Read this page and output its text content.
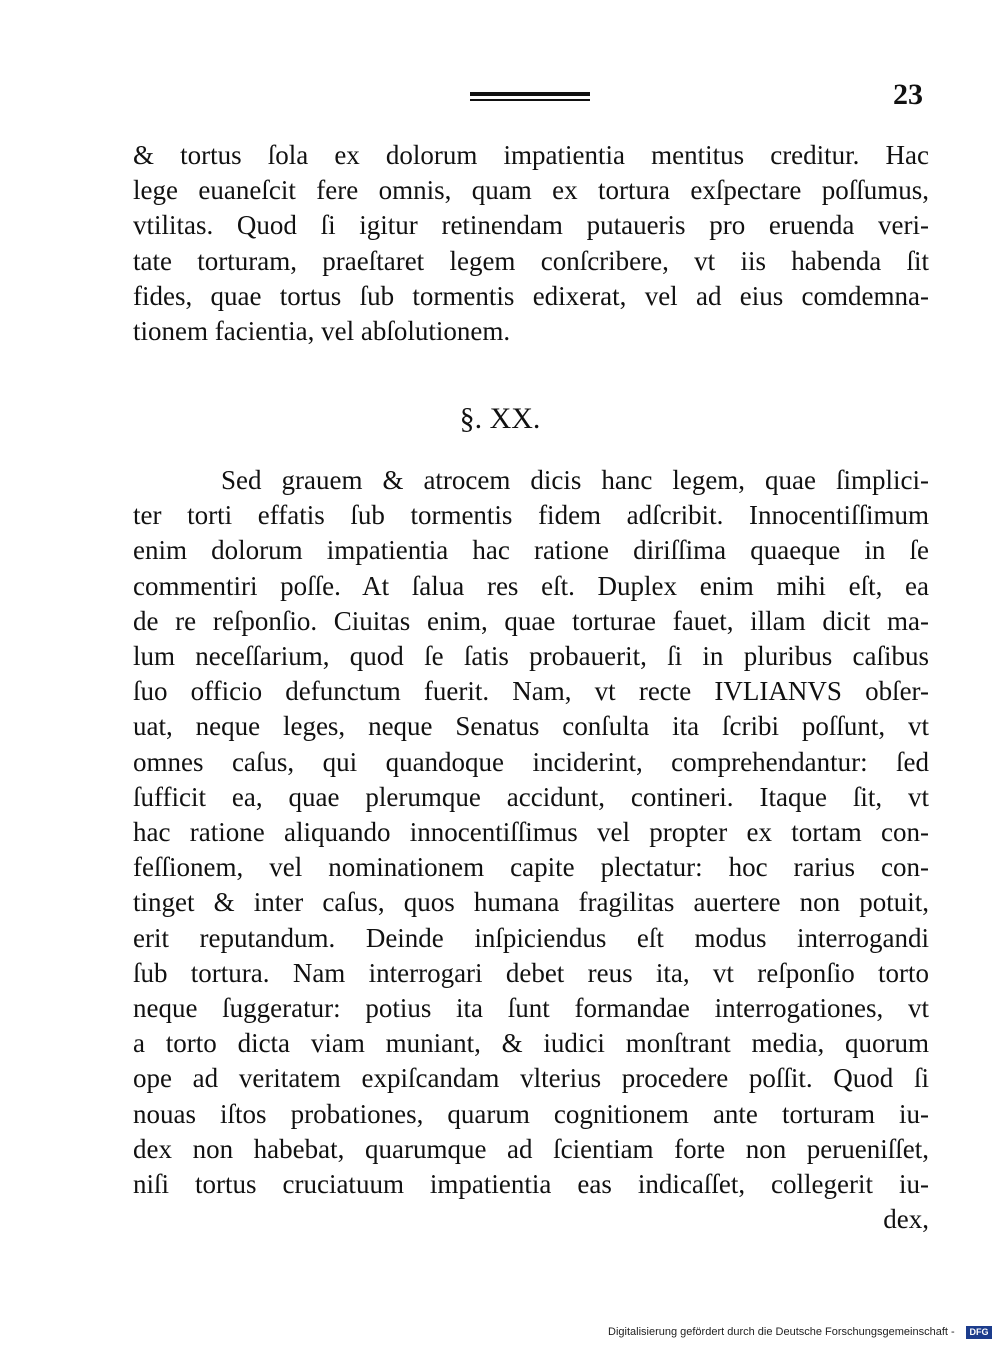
23

& tortus ſola ex dolorum impatientia mentitus creditur. Hac
lege euaneſcit fere omnis, quam ex tortura exſpectare poſſumus,
vtilitas. Quod ſi igitur retinendam putaueris pro eruenda veri-
tate torturam, praeſtaret legem conſcribere, vt iis habenda ſit
fides, quae tortus ſub tormentis edixerat, vel ad eius comdemna-
tionem facientia, vel abſolutionem.

§. XX.

Sed grauem & atrocem dicis hanc legem, quae ſimplici-
ter torti effatis ſub tormentis fidem adſcribit. Innocentiſſimum
enim dolorum impatientia hac ratione diriſſima quaeque in ſe
commentiri poſſe. At ſalua res eſt. Duplex enim mihi eſt, ea
de re reſponſio. Ciuitas enim, quae torturae fauet, illam dicit ma-
lum neceſſarium, quod ſe ſatis probauerit, ſi in pluribus caſibus
ſuo officio defunctum fuerit. Nam, vt recte IVLIANVS obſer-
uat, neque leges, neque Senatus conſulta ita ſcribi poſſunt, vt
omnes caſus, qui quandoque inciderint, comprehendantur: ſed
ſufficit ea, quae plerumque accidunt, contineri. Itaque ſit, vt
hac ratione aliquando innocentiſſimus vel propter ex tortam con-
feſſionem, vel nominationem capite plectatur: hoc rarius con-
tinget & inter caſus, quos humana fragilitas auertere non potuit,
erit reputandum. Deinde inſpiciendus eſt modus interrogandi
ſub tortura. Nam interrogari debet reus ita, vt reſponſio torto
neque ſuggeratur: potius ita ſunt formandae interrogationes, vt
a torto dicta viam muniant, & iudici monſtrant media, quorum
ope ad veritatem expiſcandam vlterius procedere poſſit. Quod ſi
nouas iſtos probationes, quarum cognitionem ante torturam iu-
dex non habebat, quarumque ad ſcientiam forte non perueniſſet,
niſi tortus cruciatuum impatientia eas indicaſſet, collegerit iu-
dex,

Digitalisierung gefördert durch die Deutsche Forschungsgemeinschaft -	DFG
